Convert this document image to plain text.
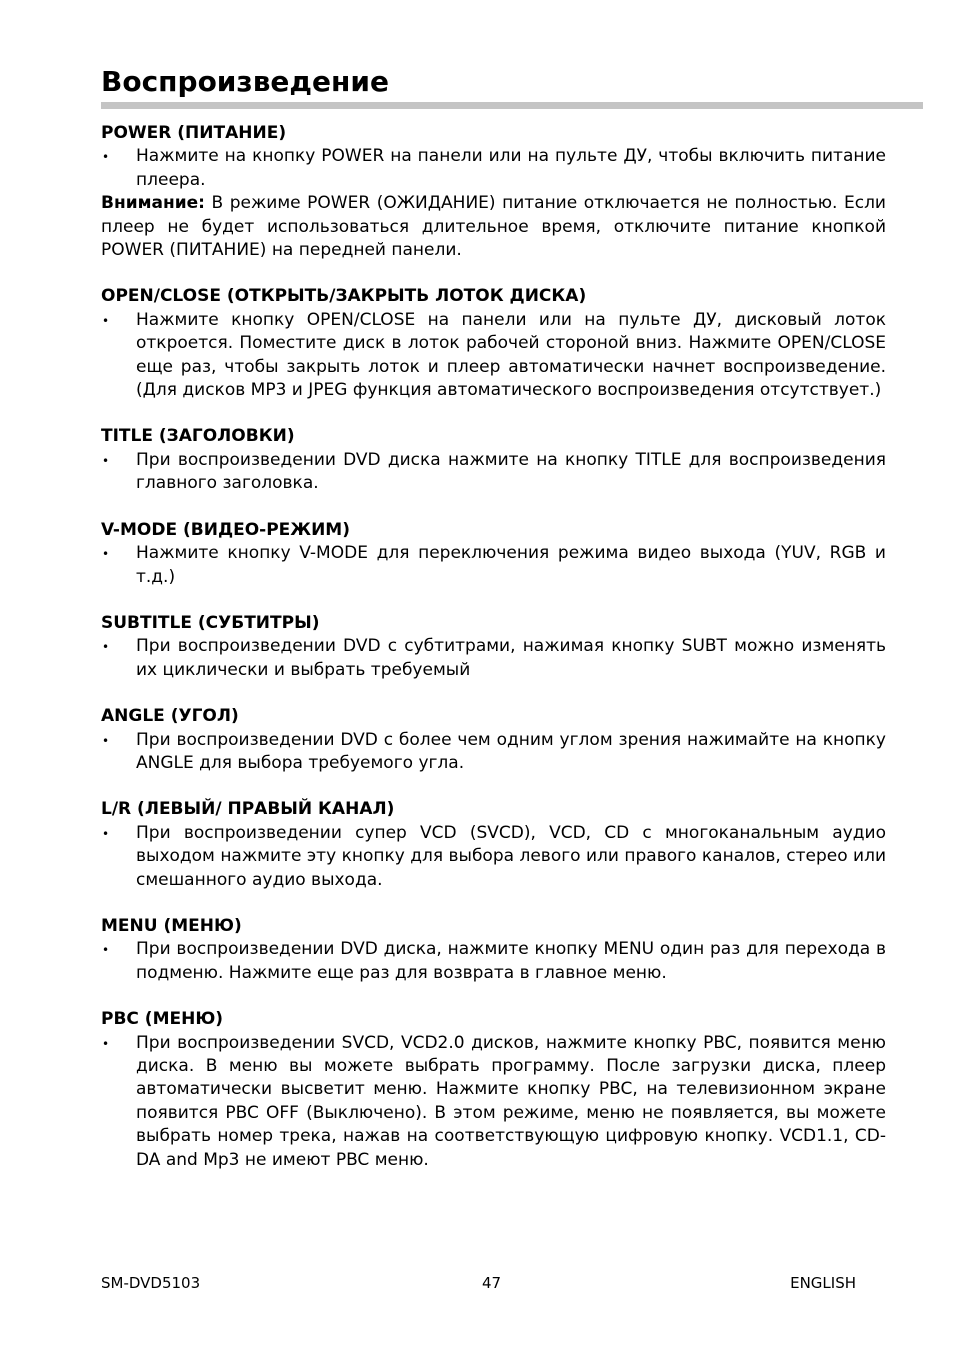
Воспроизведение

POWER (ПИТАНИЕ)

•	Нажмите на кнопку POWER на панели или на пульте ДУ, чтобы включить питание плеера.

Внимание: В режиме POWER (ОЖИДАНИЕ) питание отключается не полностью. Если плеер не будет использоваться длительное время, отключите питание кнопкой POWER (ПИТАНИЕ) на передней панели.

OPEN/CLOSE (ОТКРЫТЬ/ЗАКРЫТЬ ЛОТОК ДИСКА)

•	Нажмите кнопку OPEN/CLOSE на панели или на пульте ДУ, дисковый лоток откроется. Поместите диск в лоток рабочей стороной вниз. Нажмите OPEN/CLOSE еще раз, чтобы закрыть лоток и плеер автоматически начнет воспроизведение. (Для дисков MP3 и JPEG функция автоматического воспроизведения отсутствует.)

TITLE (ЗАГОЛОВКИ)

•	При воспроизведении DVD диска нажмите на кнопку TITLE для воспроизведения главного заголовка.

V-MODE (ВИДЕО-РЕЖИМ)

•	Нажмите кнопку V-MODE для переключения режима видео выхода (YUV, RGB и т.д.)

SUBTITLE (СУБТИТРЫ)

•	При воспроизведении DVD с субтитрами, нажимая кнопку SUBT можно изменять их циклически и выбрать требуемый

ANGLE (УГОЛ)

•	При воспроизведении DVD с более чем одним углом зрения нажимайте на кнопку ANGLE для выбора требуемого угла.

L/R (ЛЕВЫЙ/ ПРАВЫЙ КАНАЛ)

•	При воспроизведении супер VCD (SVCD), VCD, CD с многоканальным аудио выходом нажмите эту кнопку для выбора левого или правого каналов, стерео или смешанного аудио выхода.

MENU (МЕНЮ)

•	При воспроизведении DVD диска, нажмите кнопку MENU один раз для перехода в подменю. Нажмите еще раз для возврата в главное меню.

PBC (МЕНЮ)

•	При воспроизведении SVCD, VCD2.0 дисков, нажмите кнопку PBC, появится меню диска. В меню вы можете выбрать программу. После загрузки диска, плеер автоматически высветит меню. Нажмите кнопку PBC, на телевизионном экране появится PBC OFF (Выключено). В этом режиме, меню не появляется, вы можете выбрать номер трека, нажав на соответствующую цифровую кнопку. VCD1.1, CD-DA and Mp3 не имеют PBC меню.

SM-DVD5103	47	ENGLISH
